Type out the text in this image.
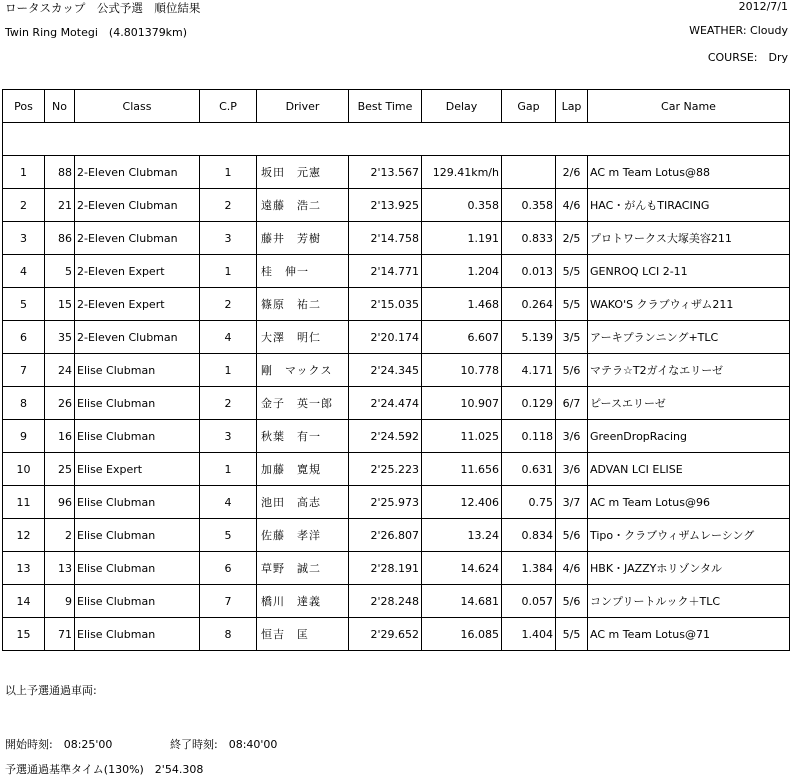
ロータスカップ　公式予選　順位結果	2012/7/1
Twin Ring Motegi　(4.801379km)	WEATHER: Cloudy
COURSE:　Dry
Pos	No	Class	C.P	Driver	Best Time	Delay	Gap	Lap	Car Name

1	88	2-Eleven Clubman	1	坂田　元憲	2'13.567	129.41km/h		2/6	AC m Team Lotus@88
2	21	2-Eleven Clubman	2	遠藤　浩二	2'13.925	0.358	0.358	4/6	HAC・がんもTIRACING
3	86	2-Eleven Clubman	3	藤井　芳樹	2'14.758	1.191	0.833	2/5	プロトワークス大塚美容211
4	5	2-Eleven Expert	1	桂　伸一	2'14.771	1.204	0.013	5/5	GENROQ LCI 2-11
5	15	2-Eleven Expert	2	篠原　祐二	2'15.035	1.468	0.264	5/5	WAKO'S クラブウィザム211
6	35	2-Eleven Clubman	4	大澤　明仁	2'20.174	6.607	5.139	3/5	アーキプランニング+TLC
7	24	Elise Clubman	1	剛　マックス	2'24.345	10.778	4.171	5/6	マテラ☆T2ガイなエリーゼ
8	26	Elise Clubman	2	金子　英一郎	2'24.474	10.907	0.129	6/7	ピースエリーゼ
9	16	Elise Clubman	3	秋葉　有一	2'24.592	11.025	0.118	3/6	GreenDropRacing
10	25	Elise Expert	1	加藤　寛規	2'25.223	11.656	0.631	3/6	ADVAN LCI ELISE
11	96	Elise Clubman	4	池田　高志	2'25.973	12.406	0.75	3/7	AC m Team Lotus@96
12	2	Elise Clubman	5	佐藤　孝洋	2'26.807	13.24	0.834	5/6	Tipo・クラブウィザムレーシング
13	13	Elise Clubman	6	草野　誠二	2'28.191	14.624	1.384	4/6	HBK・JAZZYホリゾンタル
14	9	Elise Clubman	7	橋川　達義	2'28.248	14.681	0.057	5/6	コンプリートルック＋TLC
15	71	Elise Clubman	8	恒吉　匡	2'29.652	16.085	1.404	5/5	AC m Team Lotus@71
以上予選通過車両:
開始時刻:　08:25'00	終了時刻:　08:40'00
予選通過基準タイム(130%)　2'54.308
